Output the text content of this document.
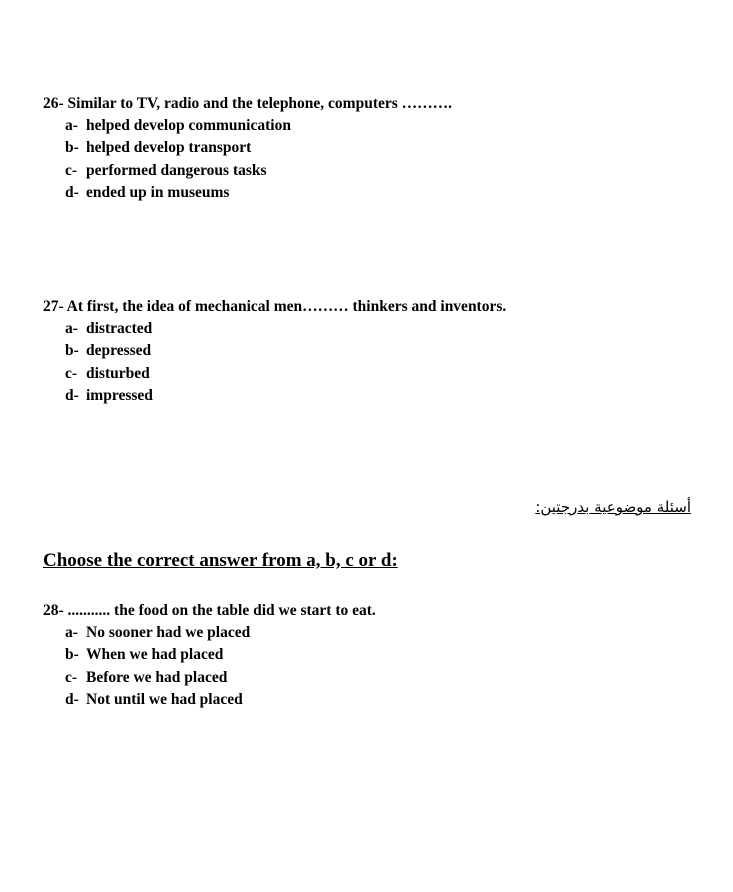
26- Similar to TV, radio and the telephone, computers ……….
a- helped develop communication
b- helped develop transport
c- performed dangerous tasks
d- ended up in museums
27- At first, the idea of mechanical men……… thinkers and inventors.
a- distracted
b- depressed
c- disturbed
d- impressed
أسئلة موضوعية بدرجتين:
Choose the correct answer from a, b, c or d:
28- ........... the food on the table did we start to eat.
a- No sooner had we placed
b- When we had placed
c- Before we had placed
d- Not until we had placed
